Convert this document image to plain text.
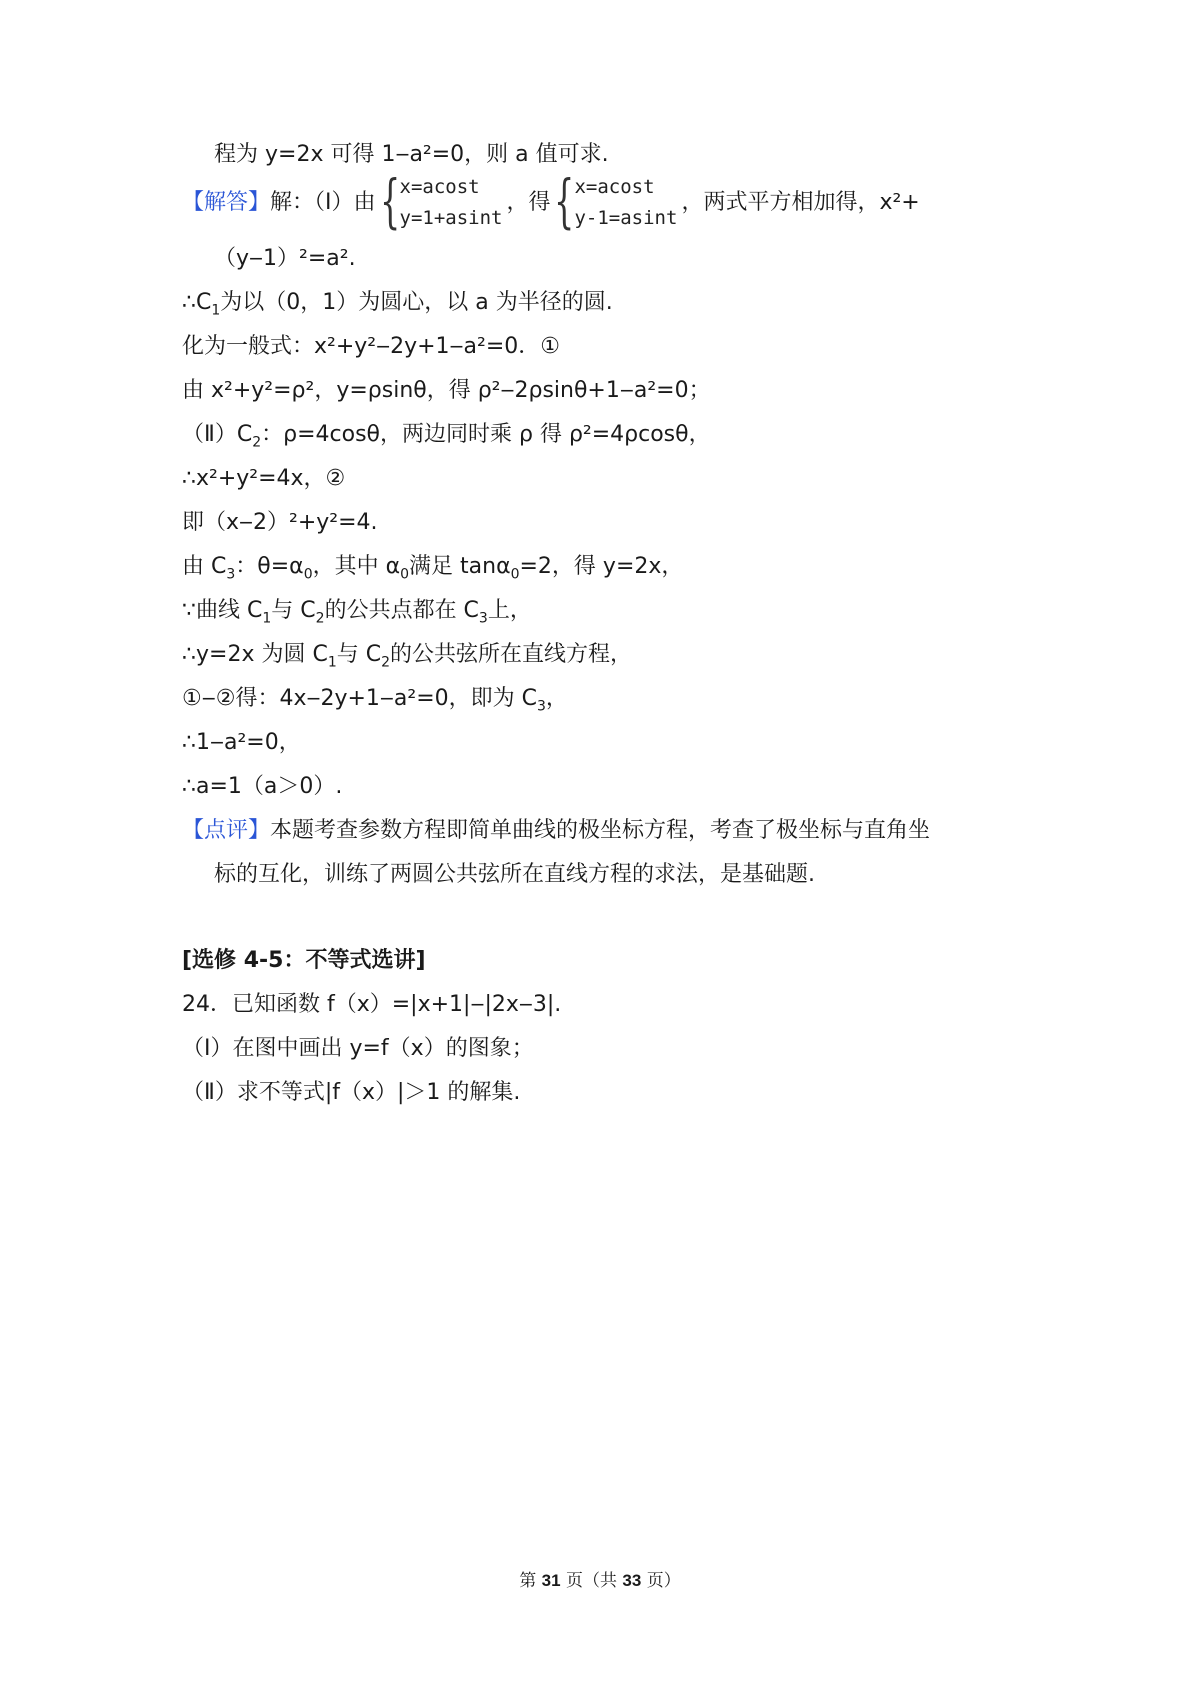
程为 y=2x 可得 1‒a²=0，则 a 值可求.
【解答】解：（Ⅰ）由 { x=acost
y=1+asint
，得 { x=acost
y-1=asint
，两式平方相加得，x²+
（y‒1）²=a².
$\therefore C_1$为以（0，1）为圆心，以 a 为半径的圆.
化为一般式：x²+y²‒2y+1‒a²=0．①
由 x²+y²=ρ²，y=ρsinθ，得 ρ²‒2ρsinθ+1‒a²=0；
$(Ⅱ)C_2$：ρ=4cosθ，两边同时乘 ρ 得 ρ²=4ρcosθ，
∴x²+y²=4x，②
即（x‒2）²+y²=4.
由 $C_3$：$\theta=\alpha_0$，其中 $\alpha_0$满足 tanα$_0$=2，得 y=2x，
∵曲线 $C_1$与 $C_2$的公共点都在 $C_3$上，
∴y=2x 为圆 $C_1$与 $C_2$的公共弦所在直线方程，
①‒②得：4x‒2y+1‒a²=0，即为 $C_3$，
∴1‒a²=0，
∴a=1（a＞0）.
【点评】本题考查参数方程即简单曲线的极坐标方程，考查了极坐标与直角坐
标的互化，训练了两圆公共弦所在直线方程的求法，是基础题.
[选修 4-5：不等式选讲]
24．已知函数 f（x）=|x+1|‒|2x‒3|.
（Ⅰ）在图中画出 y=f（x）的图象；
（Ⅱ）求不等式|f（x）|＞1 的解集.
第 31 页（共 33 页）
